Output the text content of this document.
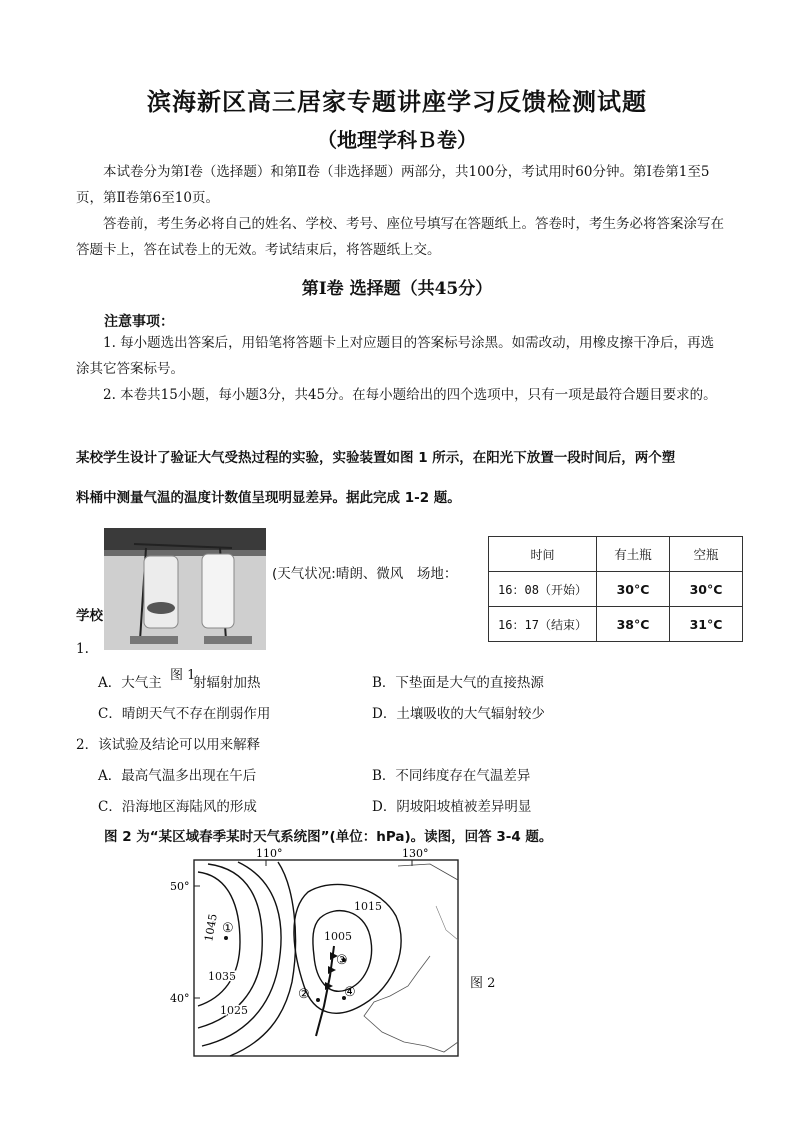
滨海新区高三居家专题讲座学习反馈检测试题
（地理学科Ｂ卷）

本试卷分为第Ⅰ卷（选择题）和第Ⅱ卷（非选择题）两部分，共100分，考试用时60分钟。第Ⅰ卷第1至5页，第Ⅱ卷第6至10页。

答卷前，考生务必将自己的姓名、学校、考号、座位号填写在答题纸上。答卷时，考生务必将答案涂写在答题卡上，答在试卷上的无效。考试结束后，将答题纸上交。

第Ⅰ卷 选择题（共45分）
注意事项：

1. 每小题选出答案后，用铅笔将答题卡上对应题目的答案标号涂黑。如需改动，用橡皮擦干净后，再选涂其它答案标号。

2. 本卷共15小题，每小题3分，共45分。在每小题给出的四个选项中，只有一项是最符合题目要求的。

某校学生设计了验证大气受热过程的实验，实验装置如图 1 所示，在阳光下放置一段时间后，两个塑
料桶中测量气温的温度计数值呈现明显差异。据此完成 1-2 题。
(天气状况:晴朗、微风　场地：
学校
时间	有土瓶	空瓶
16：08（开始）	30°C	30°C
16：17（结束）	38°C	31°C
1.
图 1
A．大气主 射辐射加热	B．下垫面是大气的直接热源
C．晴朗天气不存在削弱作用	D．土壤吸收的大气辐射较少
2．该试验及结论可以用来解释
A．最高气温多出现在午后	B．不同纬度存在气温差异
C．沿海地区海陆风的形成	D．阴坡阳坡植被差异明显
图 2 为“某区域春季某时天气系统图”(单位：hPa)。读图，回答 3-4 题。
110°	130°
50°
40°
①
②
③
④
1045
1035
1025
1015
1005
图 2
